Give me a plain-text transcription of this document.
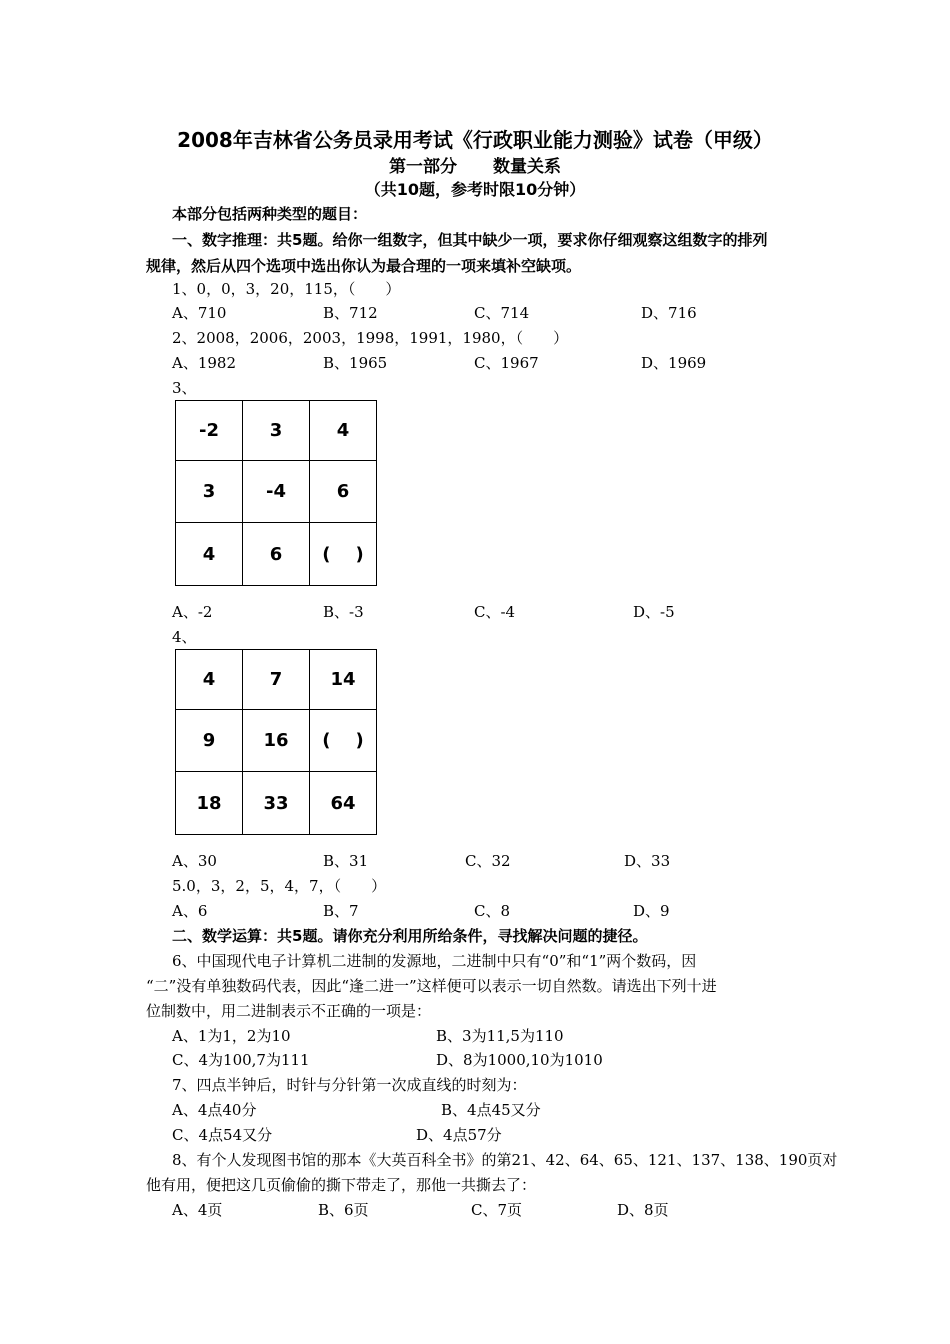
2008年吉林省公务员录用考试《行政职业能力测验》试卷（甲级）
第一部分 数量关系
（共10题，参考时限10分钟）
本部分包括两种类型的题目：
一、数字推理：共5题。给你一组数字，但其中缺少一项，要求你仔细观察这组数字的排列
规律，然后从四个选项中选出你认为最合理的一项来填补空缺项。
1、0，0，3，20，115，（　　）
A、710	B、712	C、714	D、716
2、2008，2006，2003，1998，1991，1980，（　　）
A、1982	B、1965	C、1967	D、1969
3、
-2	3	4
3	-4	6
4	6	(    )
A、-2	B、-3	C、-4	D、-5
4、
4	7	14
9	16	(    )
18	33	64
A、30	B、31	C、32	D、33
5.0，3，2，5，4，7，（　　）
A、6	B、7	C、8	D、9
二、数学运算：共5题。请你充分利用所给条件，寻找解决问题的捷径。
6、中国现代电子计算机二进制的发源地，二进制中只有“0”和“1”两个数码，因
“二”没有单独数码代表，因此“逢二进一”这样便可以表示一切自然数。请选出下列十进
位制数中，用二进制表示不正确的一项是：
A、1为1，2为10	B、3为11,5为110
C、4为100,7为111	D、8为1000,10为1010
7、四点半钟后，时针与分针第一次成直线的时刻为：
A、4点40分	B、4点45又分
C、4点54又分	D、4点57分
8、有个人发现图书馆的那本《大英百科全书》的第21、42、64、65、121、137、138、190页对
他有用，便把这几页偷偷的撕下带走了，那他一共撕去了：
A、4页	B、6页	C、7页	D、8页
